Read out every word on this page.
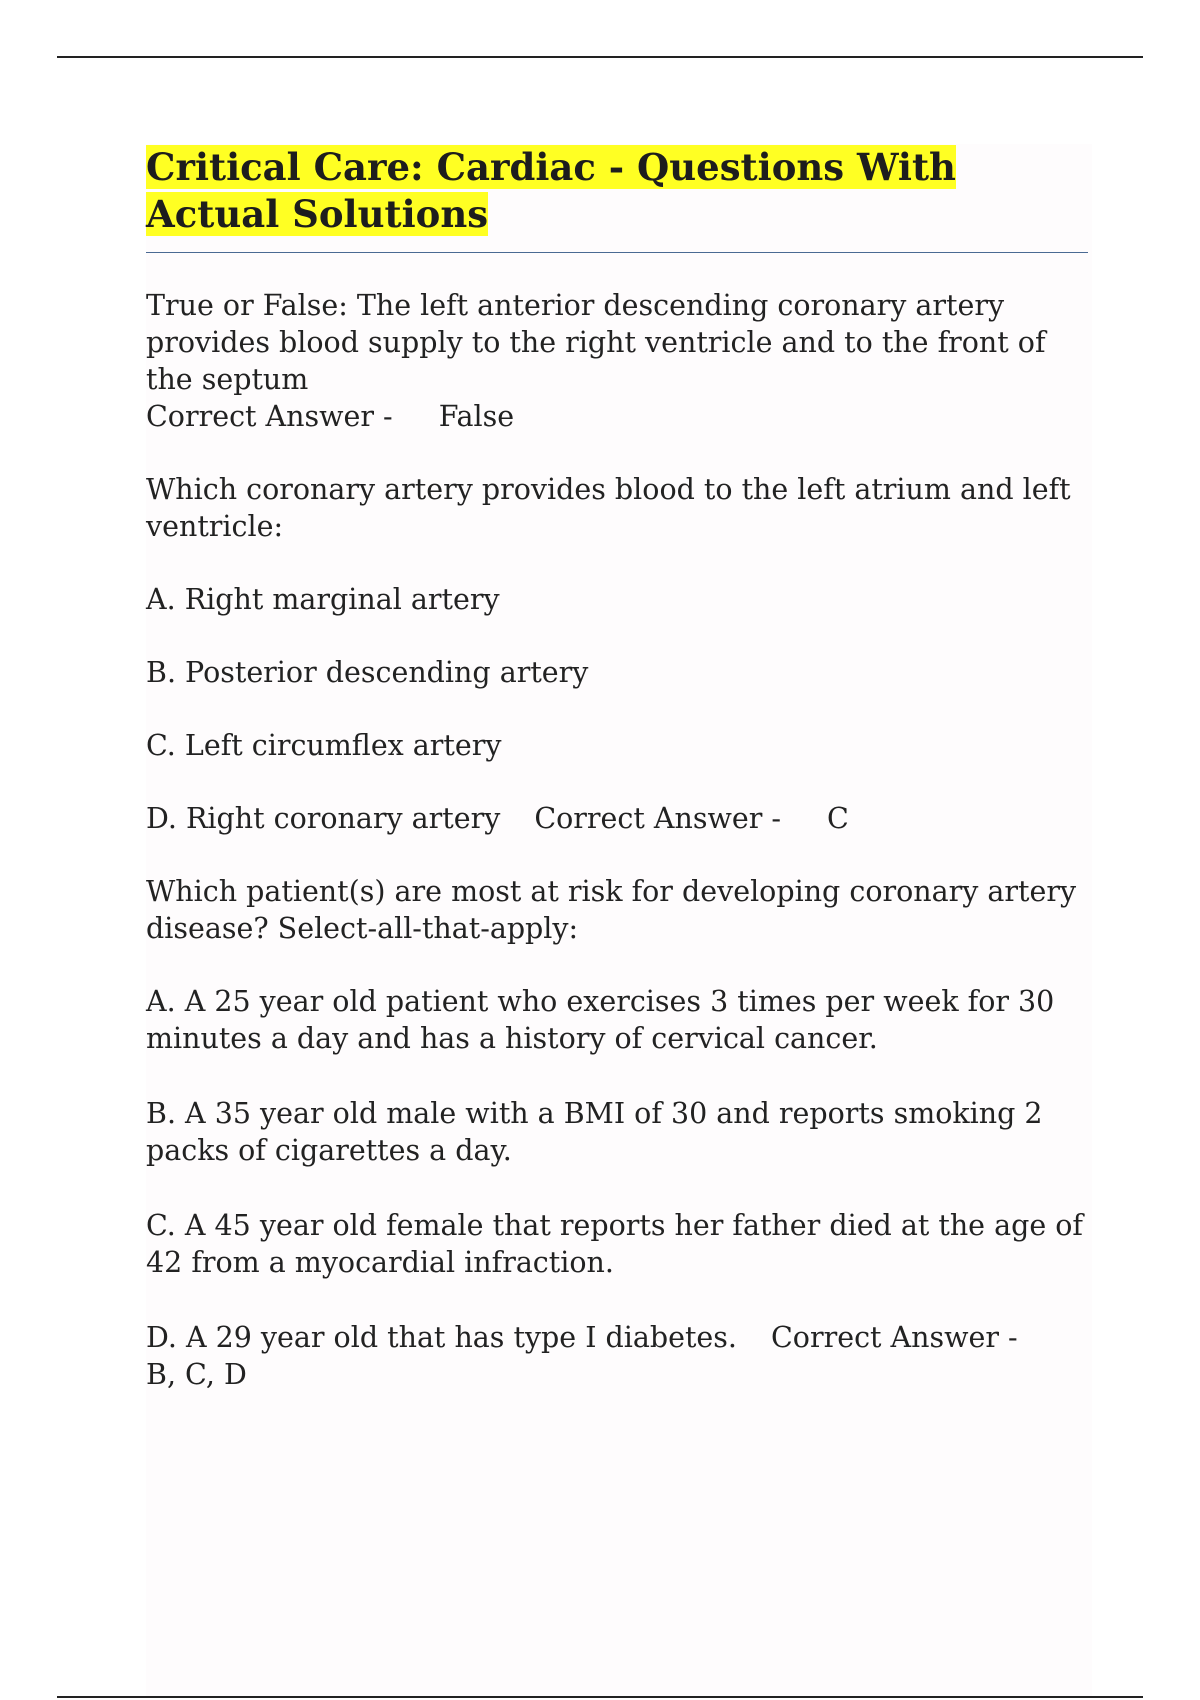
Critical Care: Cardiac - Questions With Actual Solutions

True or False: The left anterior descending coronary artery provides blood supply to the right ventricle and to the front of the septum
Correct Answer - False

Which coronary artery provides blood to the left atrium and left ventricle:

A. Right marginal artery

B. Posterior descending artery

C. Left circumflex artery

D. Right coronary artery Correct Answer - C

Which patient(s) are most at risk for developing coronary artery disease? Select-all-that-apply:

A. A 25 year old patient who exercises 3 times per week for 30 minutes a day and has a history of cervical cancer.

B. A 35 year old male with a BMI of 30 and reports smoking 2 packs of cigarettes a day.

C. A 45 year old female that reports her father died at the age of 42 from a myocardial infraction.

D. A 29 year old that has type I diabetes. Correct Answer -B, C, D
